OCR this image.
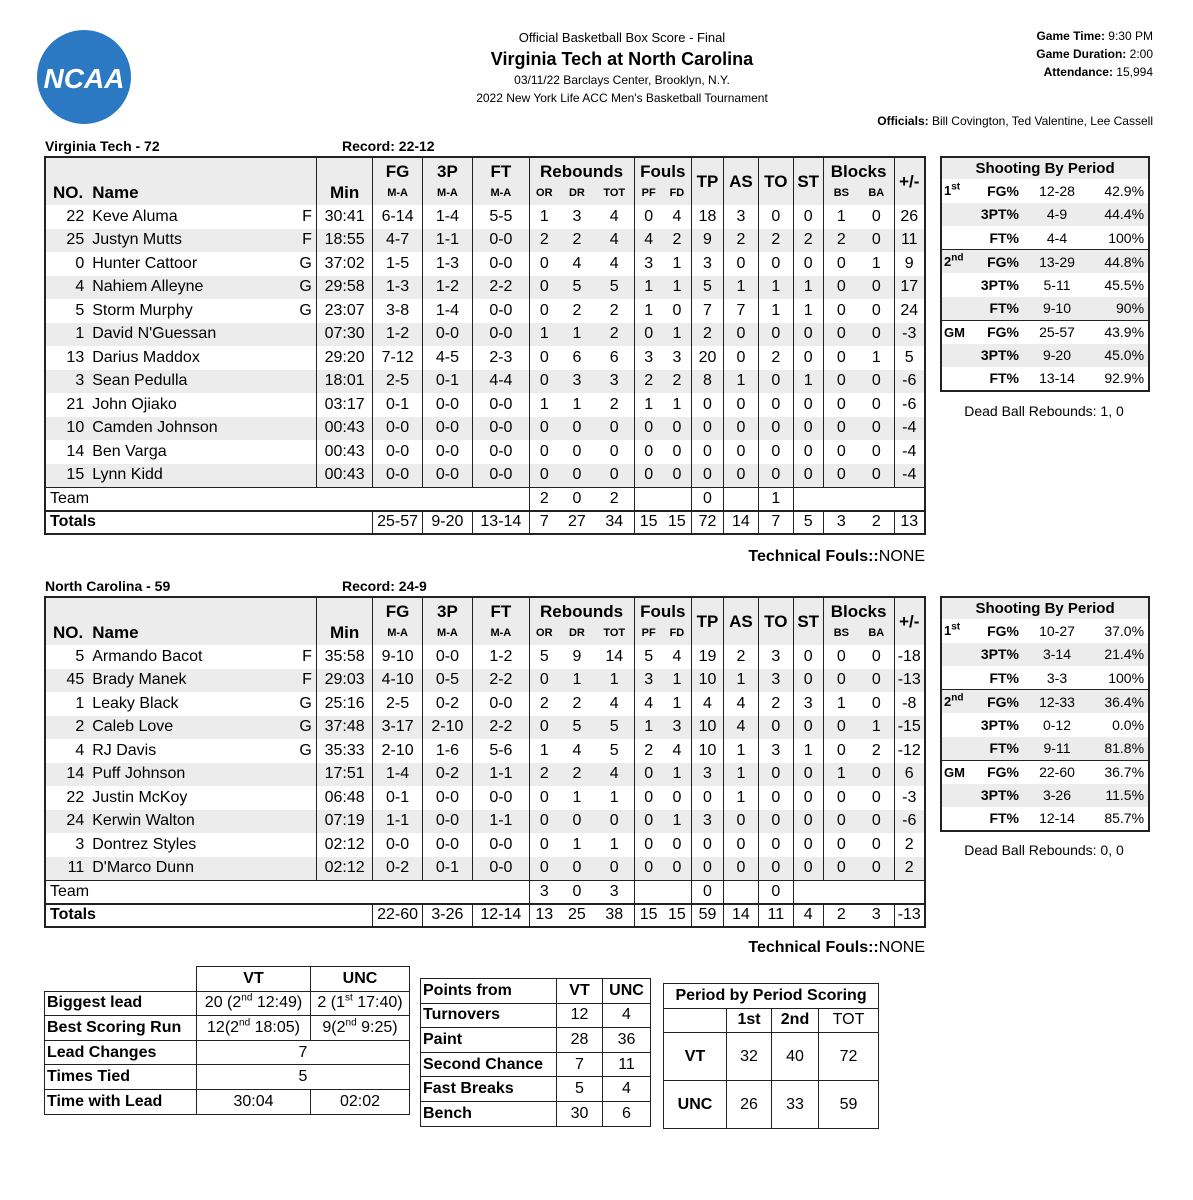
NCAA
Official Basketball Box Score - Final
Virginia Tech at North Carolina
03/11/22 Barclays Center, Brooklyn, N.Y.
2022 New York Life ACC Men's Basketball Tournament
Game Time: 9:30 PM
Game Duration: 2:00
Attendance: 15,994
Officials: Bill Covington, Ted Valentine, Lee Cassell
Virginia Tech - 72	Record: 22-12
				FG	3P	FT	Rebounds			Fouls		TP	AS	TO	ST	Blocks		+/-
NO.	Name		Min	M-A	M-A	M-A	OR	DR	TOT	PF	FD					BS	BA	
22	Keve Aluma	F	30:41	6-14	1-4	5-5	1	3	4	0	4	18	3	0	0	1	0	26
25	Justyn Mutts	F	18:55	4-7	1-1	0-0	2	2	4	4	2	9	2	2	2	2	0	11
0	Hunter Cattoor	G	37:02	1-5	1-3	0-0	0	4	4	3	1	3	0	0	0	0	1	9
4	Nahiem Alleyne	G	29:58	1-3	1-2	2-2	0	5	5	1	1	5	1	1	1	0	0	17
5	Storm Murphy	G	23:07	3-8	1-4	0-0	0	2	2	1	0	7	7	1	1	0	0	24
1	David N'Guessan		07:30	1-2	0-0	0-0	1	1	2	0	1	2	0	0	0	0	0	-3
13	Darius Maddox		29:20	7-12	4-5	2-3	0	6	6	3	3	20	0	2	0	0	1	5
3	Sean Pedulla		18:01	2-5	0-1	4-4	0	3	3	2	2	8	1	0	1	0	0	-6
21	John Ojiako		03:17	0-1	0-0	0-0	1	1	2	1	1	0	0	0	0	0	0	-6
10	Camden Johnson		00:43	0-0	0-0	0-0	0	0	0	0	0	0	0	0	0	0	0	-4
14	Ben Varga		00:43	0-0	0-0	0-0	0	0	0	0	0	0	0	0	0	0	0	-4
15	Lynn Kidd		00:43	0-0	0-0	0-0	0	0	0	0	0	0	0	0	0	0	0	-4
Team							2	0	2			0		1				
Totals				25-57	9-20	13-14	7	27	34	15	15	72	14	7	5	3	2	13
Technical Fouls::NONE
Shooting By Period			
1st	FG%	12-28	42.9%
	3PT%	4-9	44.4%
	FT%	4-4	100%
2nd	FG%	13-29	44.8%
	3PT%	5-11	45.5%
	FT%	9-10	90%
GM	FG%	25-57	43.9%
	3PT%	9-20	45.0%
	FT%	13-14	92.9%
Dead Ball Rebounds: 1, 0
North Carolina - 59	Record: 24-9
				FG	3P	FT	Rebounds			Fouls		TP	AS	TO	ST	Blocks		+/-
NO.	Name		Min	M-A	M-A	M-A	OR	DR	TOT	PF	FD					BS	BA	
5	Armando Bacot	F	35:58	9-10	0-0	1-2	5	9	14	5	4	19	2	3	0	0	0	-18
45	Brady Manek	F	29:03	4-10	0-5	2-2	0	1	1	3	1	10	1	3	0	0	0	-13
1	Leaky Black	G	25:16	2-5	0-2	0-0	2	2	4	4	1	4	4	2	3	1	0	-8
2	Caleb Love	G	37:48	3-17	2-10	2-2	0	5	5	1	3	10	4	0	0	0	1	-15
4	RJ Davis	G	35:33	2-10	1-6	5-6	1	4	5	2	4	10	1	3	1	0	2	-12
14	Puff Johnson		17:51	1-4	0-2	1-1	2	2	4	0	1	3	1	0	0	1	0	6
22	Justin McKoy		06:48	0-1	0-0	0-0	0	1	1	0	0	0	1	0	0	0	0	-3
24	Kerwin Walton		07:19	1-1	0-0	1-1	0	0	0	0	1	3	0	0	0	0	0	-6
3	Dontrez Styles		02:12	0-0	0-0	0-0	0	1	1	0	0	0	0	0	0	0	0	2
11	D'Marco Dunn		02:12	0-2	0-1	0-0	0	0	0	0	0	0	0	0	0	0	0	2
Team							3	0	3			0		0				
Totals				22-60	3-26	12-14	13	25	38	15	15	59	14	11	4	2	3	-13
Technical Fouls::NONE
Shooting By Period			
1st	FG%	10-27	37.0%
	3PT%	3-14	21.4%
	FT%	3-3	100%
2nd	FG%	12-33	36.4%
	3PT%	0-12	0.0%
	FT%	9-11	81.8%
GM	FG%	22-60	36.7%
	3PT%	3-26	11.5%
	FT%	12-14	85.7%
Dead Ball Rebounds: 0, 0
	VT	UNC
Biggest lead	20 (2nd 12:49)	2 (1st 17:40)
Best Scoring Run	12(2nd 18:05)	9(2nd 9:25)
Lead Changes	7	
Times Tied	5	
Time with Lead	30:04	02:02
Points from	VT	UNC
Turnovers	12	4
Paint	28	36
Second Chance	7	11
Fast Breaks	5	4
Bench	30	6
Period by Period Scoring			
	1st	2nd	TOT
VT	32	40	72
UNC	26	33	59
